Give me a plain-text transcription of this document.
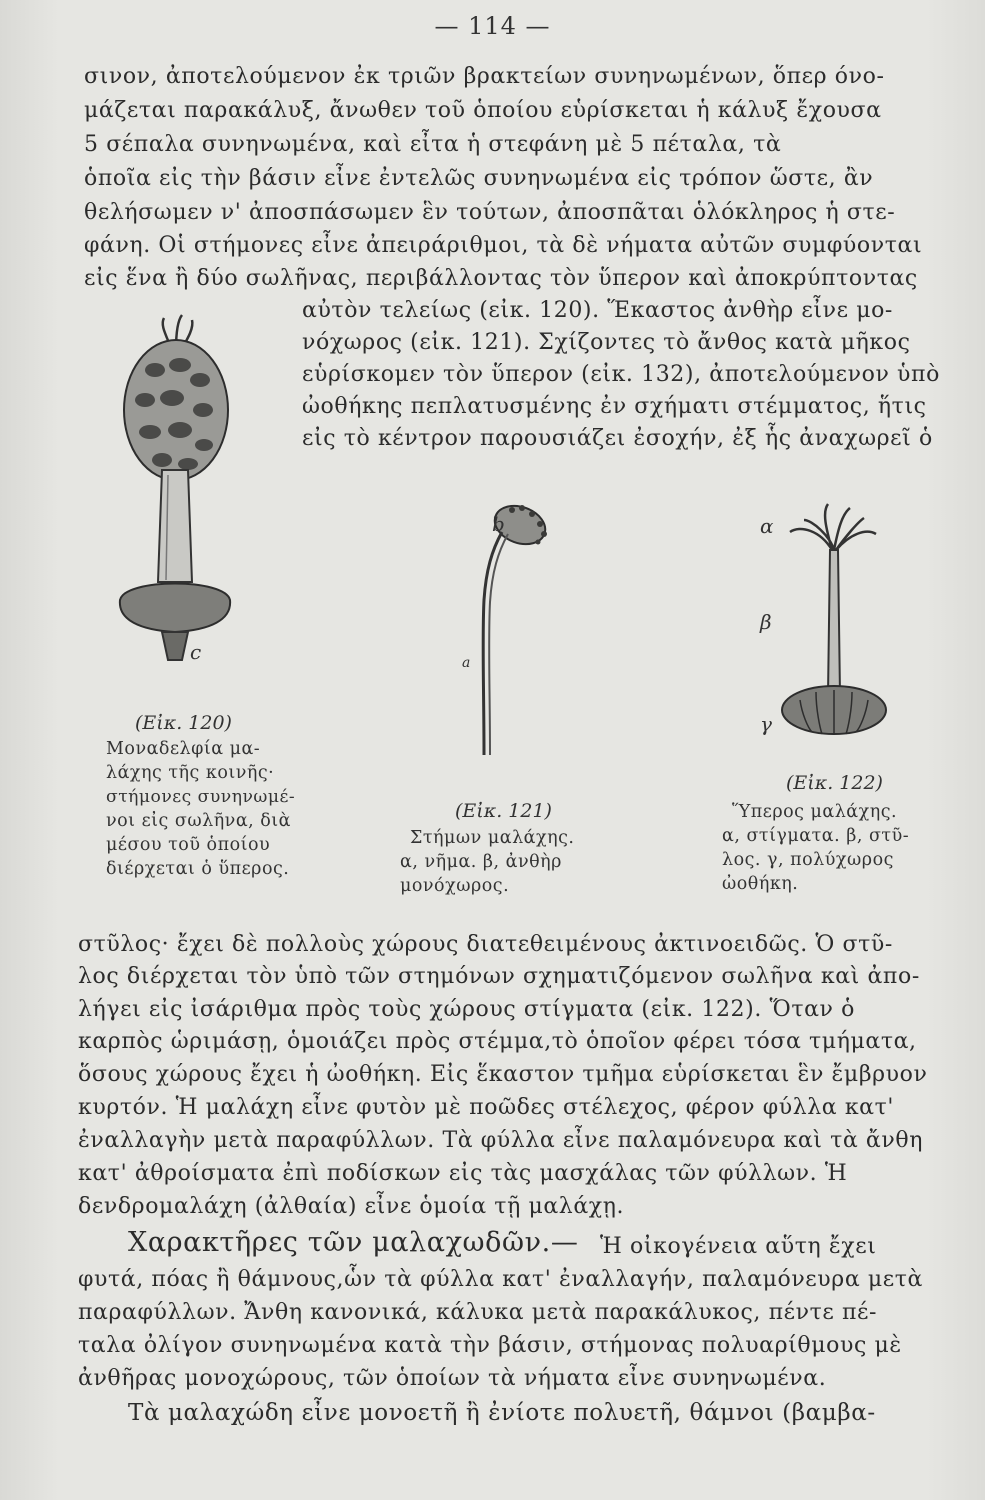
— 114 —
σινον, ἀποτελούμενον ἐκ τριῶν βρακτείων συνηνωμένων, ὅπερ όνο-
μάζεται παρακάλυξ, ἄνωθεν τοῦ ὁποίου εὑρίσκεται ἡ κάλυξ ἔχουσα
5 σέπαλα συνηνωμένα, καὶ εἶτα ἡ στεφάνη μὲ 5 πέταλα, τὰ
ὁποῖα εἰς τὴν βάσιν εἶνε ἐντελῶς συνηνωμένα εἰς τρόπον ὥστε, ἂν
θελήσωμεν ν' ἀποσπάσωμεν ἓν τούτων, ἀποσπᾶται ὁλόκληρος ἡ στε-
φάνη. Οἱ στήμονες εἶνε ἀπειράριθμοι, τὰ δὲ νήματα αὐτῶν συμφύονται
εἰς ἕνα ἢ δύο σωλῆνας, περιβάλλοντας τὸν ὕπερον καὶ ἀποκρύπτοντας
αὐτὸν τελείως (εἰκ. 120). Ἕκαστος ἀνθὴρ εἶνε μο-
νόχωρος (εἰκ. 121). Σχίζοντες τὸ ἄνθος κατὰ μῆκος
εὑρίσκομεν τὸν ὕπερον (εἰκ. 132), ἀποτελούμενον ὑπὸ
ὠοθήκης πεπλατυσμένης ἐν σχήματι στέμματος, ἥτις
εἰς τὸ κέντρον παρουσιάζει ἐσοχήν, ἐξ ἧς ἀναχωρεῖ ὁ
c
(Εἰκ. 120)
Μοναδελφία μα-
λάχης τῆς κοινῆς·
στήμονες συνηνωμέ-
νοι εἰς σωλῆνα, διὰ
μέσου τοῦ ὁποίου
διέρχεται ὁ ὕπερος.
b
a
(Εἰκ. 121)
Στήμων μαλάχης.
α, νῆμα. β, ἀνθὴρ
μονόχωρος.
α
β
γ
(Εἰκ. 122)
Ὕπερος μαλάχης.
α, στίγματα. β, στῦ-
λος. γ, πολύχωρος
ὠοθήκη.
στῦλος· ἔχει δὲ πολλοὺς χώρους διατεθειμένους ἀκτινοειδῶς. Ὁ στῦ-
λος διέρχεται τὸν ὑπὸ τῶν στημόνων σχηματιζόμενον σωλῆνα καὶ ἀπο-
λήγει εἰς ἰσάριθμα πρὸς τοὺς χώρους στίγματα (εἰκ. 122). Ὅταν ὁ
καρπὸς ὡριμάσῃ, ὁμοιάζει πρὸς στέμμα,τὸ ὁποῖον φέρει τόσα τμήματα,
ὅσους χώρους ἔχει ἡ ὠοθήκη. Εἰς ἕκαστον τμῆμα εὑρίσκεται ἓν ἔμβρυον
κυρτόν. Ἡ μαλάχη εἶνε φυτὸν μὲ ποῶδες στέλεχος, φέρον φύλλα κατ'
ἐναλλαγὴν μετὰ παραφύλλων. Τὰ φύλλα εἶνε παλαμόνευρα καὶ τὰ ἄνθη
κατ' ἀθροίσματα ἐπὶ ποδίσκων εἰς τὰς μασχάλας τῶν φύλλων. Ἡ
δενδρομαλάχη (ἀλθαία) εἶνε ὁμοία τῇ μαλάχῃ.
Χαρακτῆρες τῶν μαλαχωδῶν.— Ἡ οἰκογένεια αὕτη ἔχει
φυτά, πόας ἢ θάμνους,ὧν τὰ φύλλα κατ' ἐναλλαγήν, παλαμόνευρα μετὰ
παραφύλλων. Ἄνθη κανονικά, κάλυκα μετὰ παρακάλυκος, πέντε πέ-
ταλα ὀλίγον συνηνωμένα κατὰ τὴν βάσιν, στήμονας πολυαρίθμους μὲ
ἀνθῆρας μονοχώρους, τῶν ὁποίων τὰ νήματα εἶνε συνηνωμένα.
Τὰ μαλαχώδη εἶνε μονοετῆ ἢ ἐνίοτε πολυετῆ, θάμνοι (βαμβα-
